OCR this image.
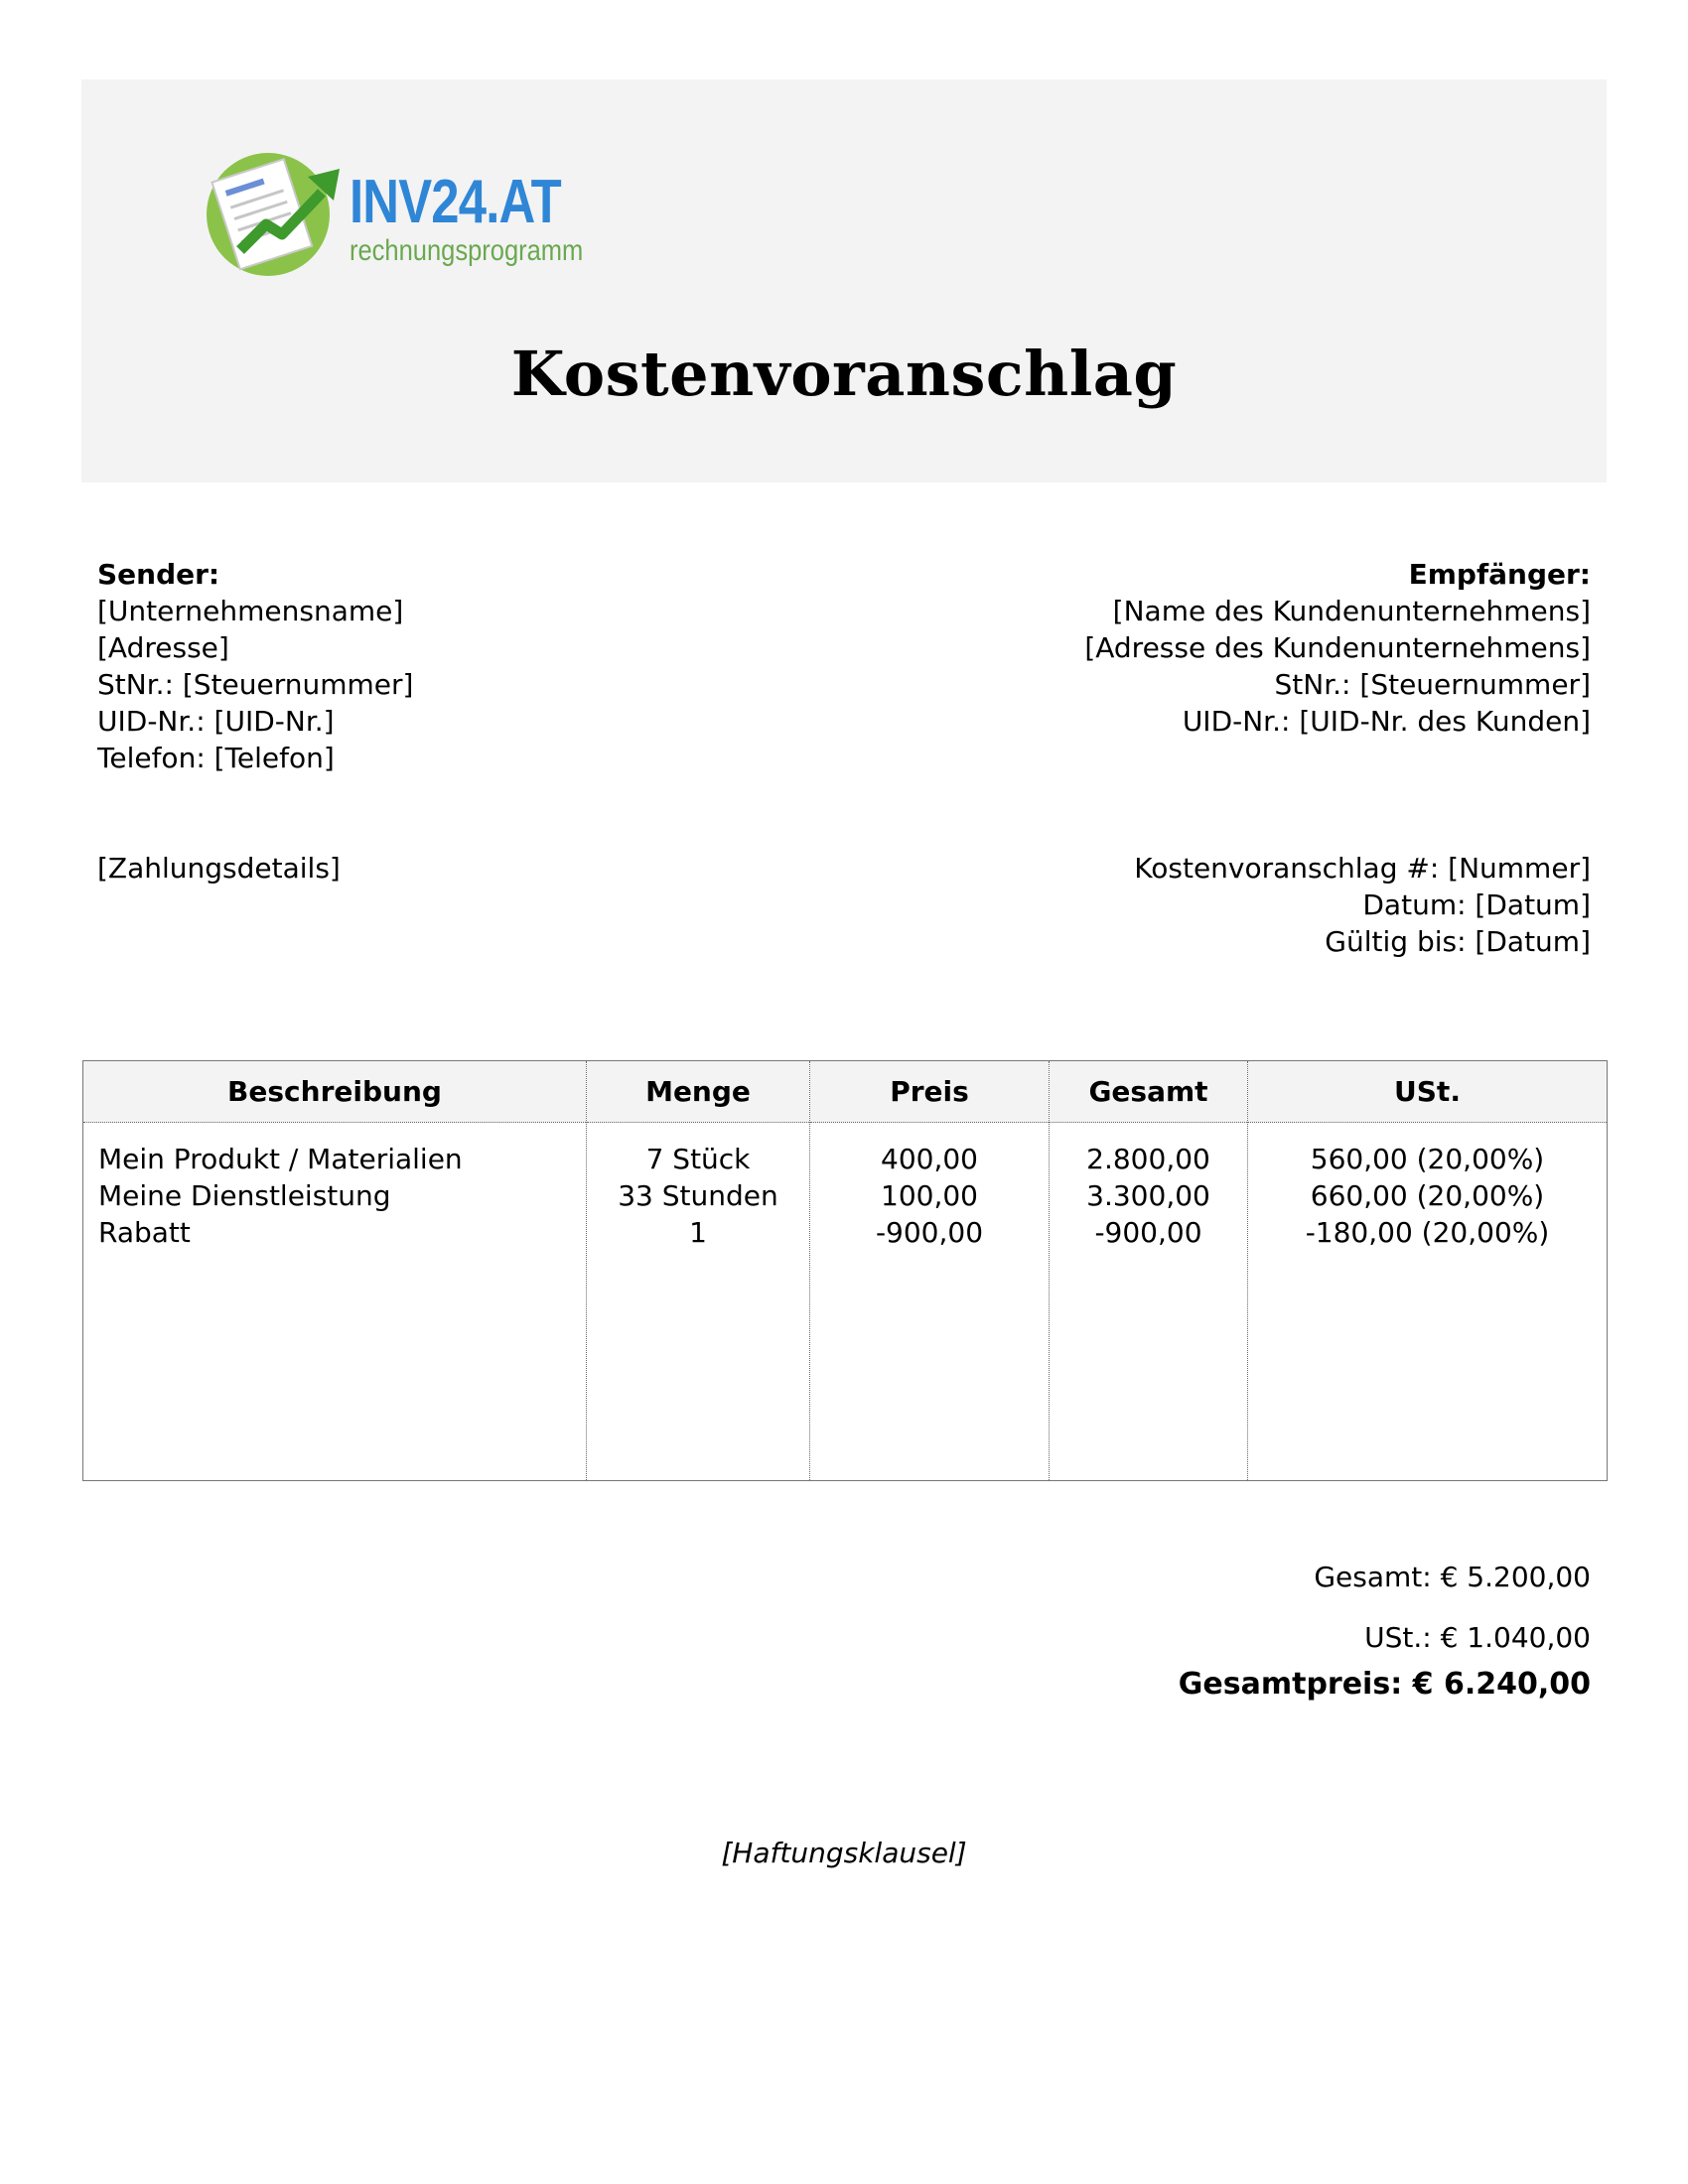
INV24.AT
rechnungsprogramm
Kostenvoranschlag
Sender:
[Unternehmensname]
[Adresse]
StNr.: [Steuernummer]
UID-Nr.: [UID-Nr.]
Telefon: [Telefon]
Empfänger:
[Name des Kundenunternehmens]
[Adresse des Kundenunternehmens]
StNr.: [Steuernummer]
UID-Nr.: [UID-Nr. des Kunden]
[Zahlungsdetails]	Kostenvoranschlag #: [Nummer]
Datum: [Datum]
Gültig bis: [Datum]
Beschreibung
Mein Produkt / Materialien
Meine Dienstleistung
Rabatt
Menge
7 Stück
33 Stunden
1
Preis
400,00
100,00
-900,00
Gesamt
2.800,00
3.300,00
-900,00
USt.
560,00 (20,00%)
660,00 (20,00%)
-180,00 (20,00%)
Gesamt: € 5.200,00
USt.: € 1.040,00
Gesamtpreis: € 6.240,00
[Haftungsklausel]
